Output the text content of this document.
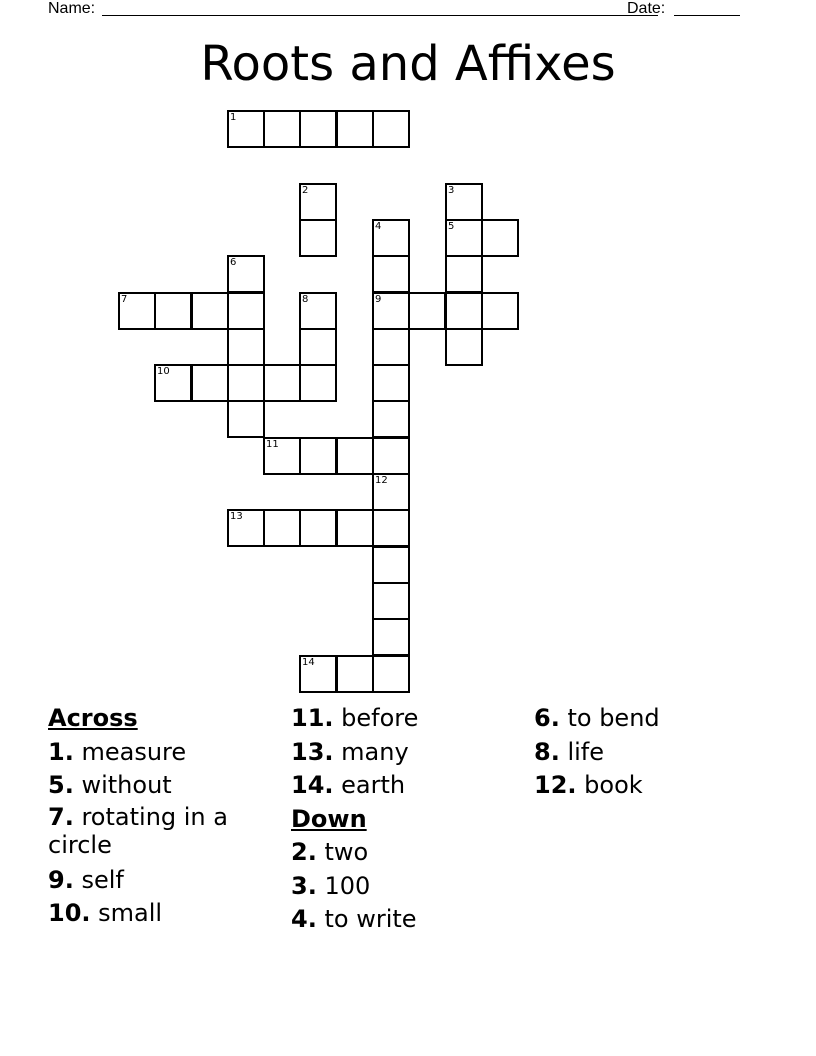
Name:	Date:
Roots and Affixes
1
2	3
5
4
9
6
7	8
10
11
12
13
14
Across
1. measure
5. without
7. rotating in a circle
9. self
10. small
11. before
13. many
14. earth
Down
2. two
3. 100
4. to write
6. to bend
8. life
12. book
